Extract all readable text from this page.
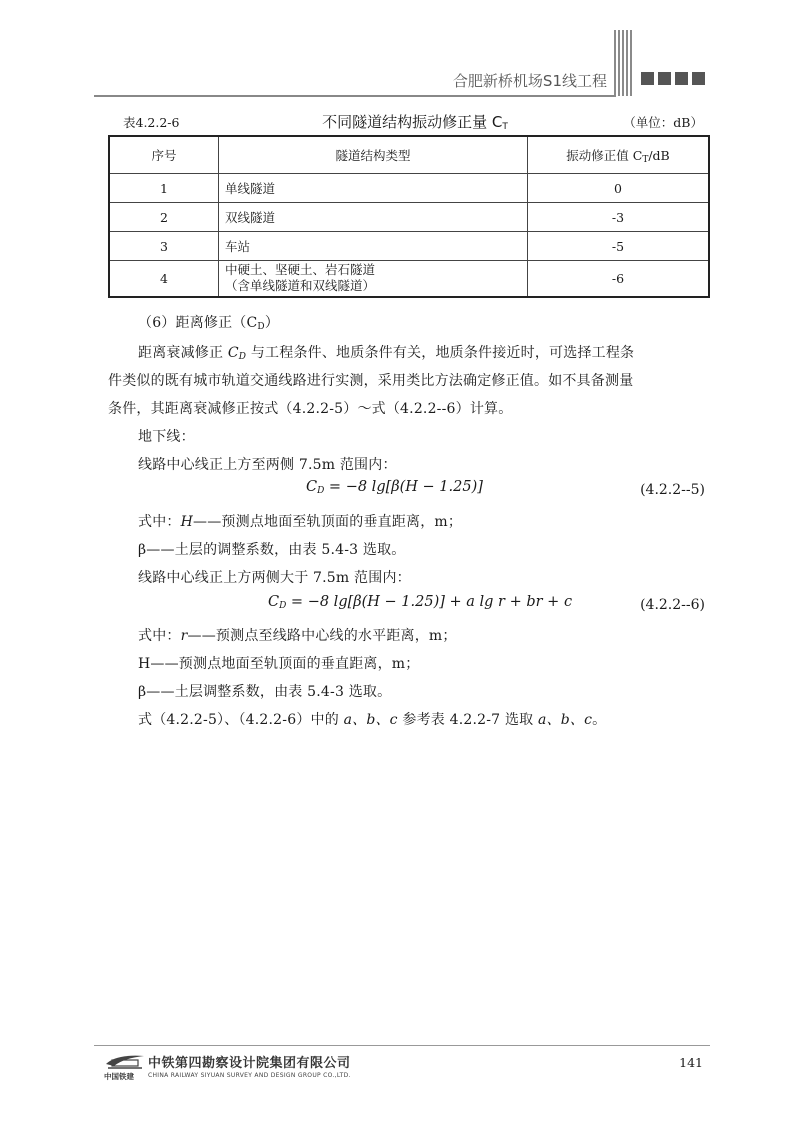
合肥新桥机场S1线工程
表4.2.2-6	不同隧道结构振动修正量 $C_T$	（单位：dB）
序号	隧道结构类型	振动修正值 $C_T/dB$
1	单线隧道	0
2	双线隧道	-3
3	车站	-5
4	中硬土、坚硬土、岩石隧道
（含单线隧道和双线隧道）	-6
（6）距离修正$(C_D)$
距离衰减修正 $C_D$ 与工程条件、地质条件有关，地质条件接近时，可选择工程条
件类似的既有城市轨道交通线路进行实测，采用类比方法确定修正值。如不具备测量
条件，其距离衰减修正按式（4.2.2-5）～式（4.2.2--6）计算。
地下线：
线路中心线正上方至两侧 7.5m 范围内：
$C_D = -8$ lg[β(H − 1.25)]	(4.2.2--5)
式中：H——预测点地面至轨顶面的垂直距离，m；
β——土层的调整系数，由表 5.4-3 选取。
线路中心线正上方两侧大于 7.5m 范围内：
$C_D = -8$ lg[β(H − 1.25)] + a lg r + br + c	(4.2.2--6)
式中：r——预测点至线路中心线的水平距离，m；
H——预测点地面至轨顶面的垂直距离，m；
β——土层调整系数，由表 5.4-3 选取。
式（4.2.2-5）、（4.2.2-6）中的 a、b、c 参考表 4.2.2-7 选取 a、b、c。
中国铁建
中铁第四勘察设计院集团有限公司
CHINA RAILWAY SIYUAN SURVEY AND DESIGN GROUP CO.,LTD.
141
